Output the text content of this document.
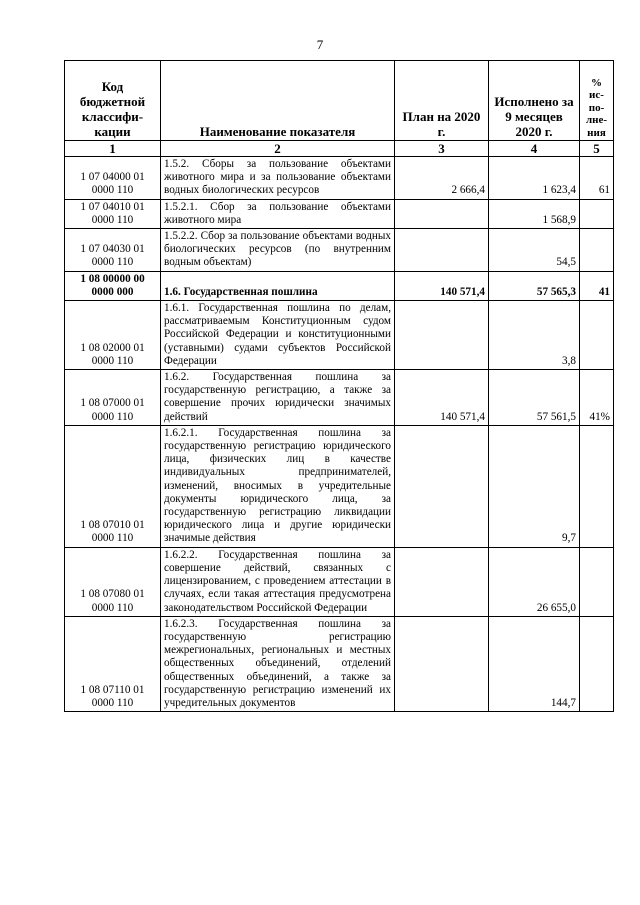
7
Код бюджетной классифи-кации	Наименование показателя	План на 2020 г.	Исполнено за 9 месяцев 2020 г.	% ис-по-лне-ния
1	2	3	4	5
1 07 04000 01 0000 110	1.5.2. Сборы за пользование объектами животного мира и за пользование объектами водных биологических ресурсов	2 666,4	1 623,4	61
1 07 04010 01 0000 110	1.5.2.1. Сбор за пользование объектами животного мира		1 568,9	
1 07 04030 01 0000 110	1.5.2.2. Сбор за пользование объектами водных биологических ресурсов (по внутренним водным объектам)		54,5	
1 08 00000 00 0000 000	1.6. Государственная пошлина	140 571,4	57 565,3	41
1 08 02000 01 0000 110	1.6.1. Государственная пошлина по делам, рассматриваемым Конституционным судом Российской Федерации и конституционными (уставными) судами субъектов Российской Федерации		3,8	
1 08 07000 01 0000 110	1.6.2. Государственная пошлина за государственную регистрацию, а также за совершение прочих юридически значимых действий	140 571,4	57 561,5	41%
1 08 07010 01 0000 110	1.6.2.1. Государственная пошлина за государственную регистрацию юридического лица, физических лиц в качестве индивидуальных предпринимателей, изменений, вносимых в учредительные документы юридического лица, за государственную регистрацию ликвидации юридического лица и другие юридически значимые действия		9,7	
1 08 07080 01 0000 110	1.6.2.2. Государственная пошлина за совершение действий, связанных с лицензированием, с проведением аттестации в случаях, если такая аттестация предусмотрена законодательством Российской Федерации		26 655,0	
1 08 07110 01 0000 110	1.6.2.3. Государственная пошлина за государственную регистрацию межрегиональных, региональных и местных общественных объединений, отделений общественных объединений, а также за государственную регистрацию изменений их учредительных документов		144,7	
